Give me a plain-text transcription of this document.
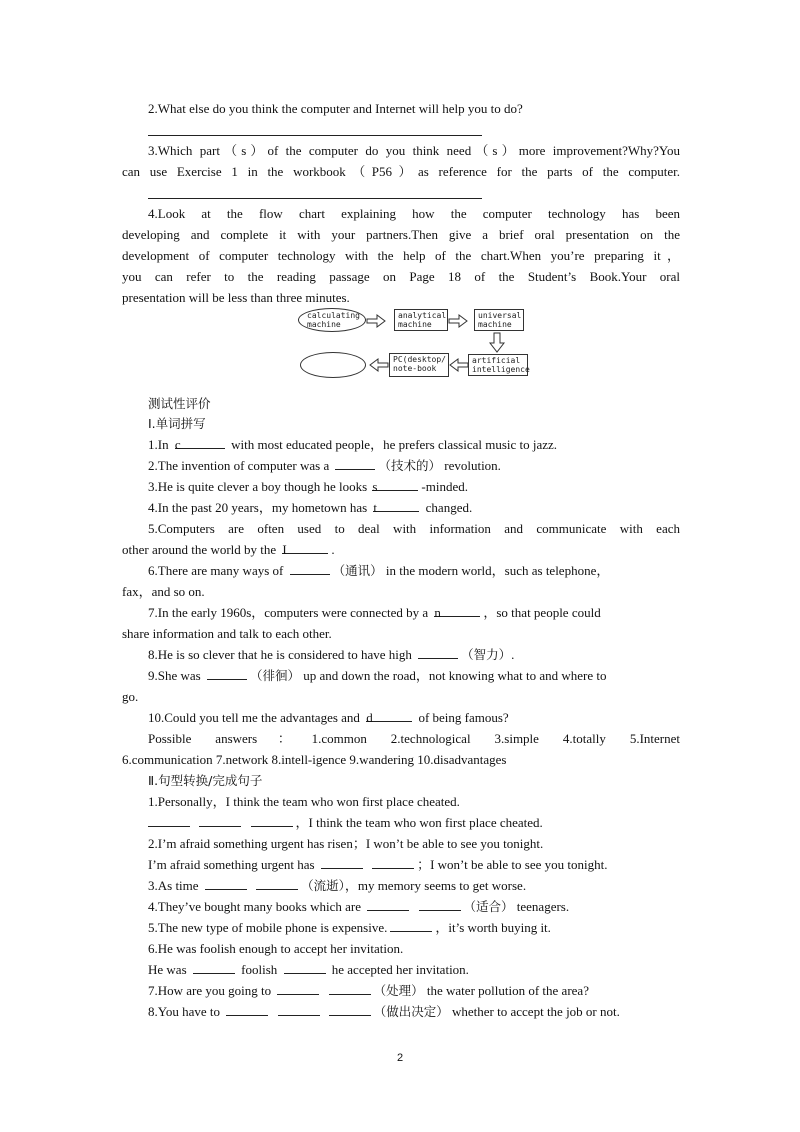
2.What else do you think the computer and Internet will help you to do?
3.Which part（s）of the computer do you think need（s）more improvement?Why?You
can use Exercise 1 in the workbook（P56）as reference for the parts of the computer.
4.Look at the flow chart explaining how the computer technology has been
developing and complete it with your partners.Then give a brief oral presentation on the
development of computer technology with the help of the chart.When you’re preparing it，
you can refer to the reading passage on Page 18 of the Student’s Book.Your oral
presentation will be less than three minutes.
calculating
machine
analytical
machine
universal
machine
artificial
intelligence
PC(desktop/
note-book
测试性评价
Ⅰ.单词拼写
1.In c	with most educated people，he prefers classical music to jazz.
2.The invention of computer was a	（技术的） revolution.
3.He is quite clever a boy though he looks s	-minded.
4.In the past 20 years，my hometown has t	changed.
5.Computers are often used to deal with information and communicate with each
other around the world by the I	.
6.There are many ways of	（通讯） in the modern world，such as telephone，
fax，and so on.
7.In the early 1960s，computers were connected by a n	，so that people could
share information and talk to each other.
8.He is so clever that he is considered to have high	（智力）.
9.She was	（徘徊） up and down the road，not knowing what to and where to
go.
10.Could you tell me the advantages and d	of being famous?
Possible answers：1.common 2.technological 3.simple 4.totally 5.Internet
6.communication 7.network 8.intell-igence 9.wandering 10.disadvantages
Ⅱ.句型转换/完成句子
1.Personally，I think the team who won first place cheated.
，I think the team who won first place cheated.
2.I’m afraid something urgent has risen；I won’t be able to see you tonight.
I’m afraid something urgent has	；I won’t be able to see you tonight.
3.As time	（流逝），my memory seems to get worse.
4.They’ve bought many books which are	（适合） teenagers.
5.The new type of mobile phone is expensive.	，it’s worth buying it.
6.He was foolish enough to accept her invitation.
He was	foolish	he accepted her invitation.
7.How are you going to	（处理） the water pollution of the area?
8.You have to	（做出决定） whether to accept the job or not.
2
